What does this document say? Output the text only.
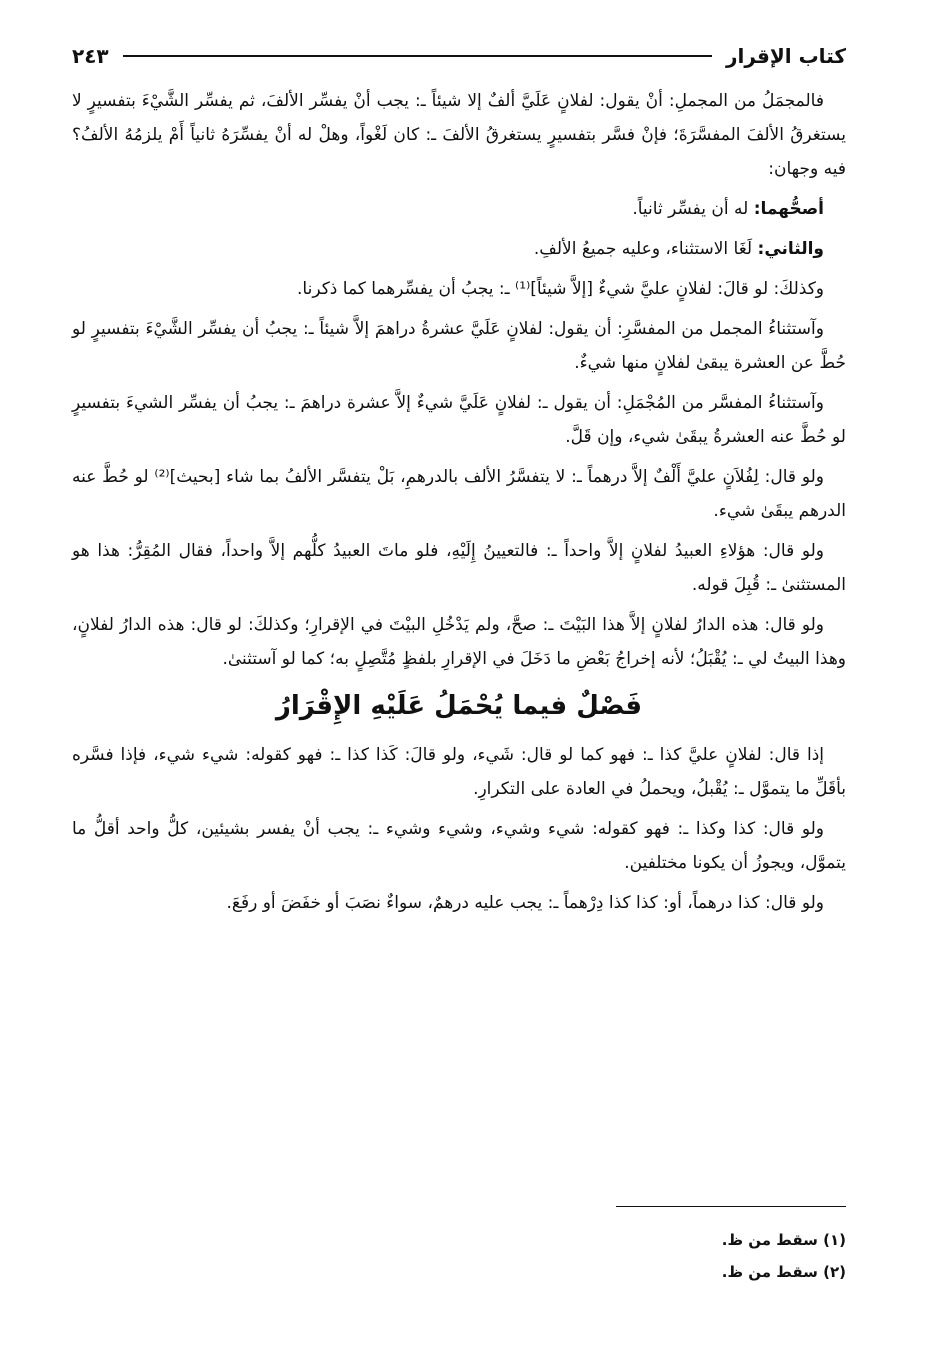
كتاب الإقرار
٢٤٣

فالمجمَلُ من المجملِ: أنْ يقول: لفلانٍ عَلَيَّ ألفٌ إلا شيئاً ـ: يجب أنْ يفسِّر الألفَ، ثم يفسِّر الشَّيْءَ بتفسيرٍ لا يستغرقُ الألفَ المفسَّرَةَ؛ فإنْ فسَّر بتفسيرٍ يستغرقُ الألفَ ـ: كان لَغْواً، وهلْ له أنْ يفسِّرَهُ ثانياً أَمْ يلزمُهُ الألفُ؟ فيه وجهان:

أصحُّهما: له أن يفسِّر ثانياً.

والثاني: لَغَا الاستثناء، وعليه جميعُ الألفِ.

وكذلكَ: لو قالَ: لفلانٍ عليَّ شيءٌ [إلاَّ شيئاً]⁽¹⁾ ـ: يجبُ أن يفسِّرهما كما ذكرنا.

وآستثناءُ المجمل من المفسَّرِ: أن يقول: لفلانٍ عَلَيَّ عشرةُ دراهمَ إلاَّ شيئاً ـ: يجبُ أن يفسِّر الشَّيْءَ بتفسيرٍ لو حُطَّ عن العشرة يبقىٰ لفلانٍ منها شيءٌ.

وآستثناءُ المفسَّر من المُجْمَلِ: أن يقول ـ: لفلانٍ عَلَيَّ شيءٌ إلاَّ عشرة دراهمَ ـ: يجبُ أن يفسِّر الشيءَ بتفسيرٍ لو حُطَّ عنه العشرةُ يبقَىٰ شيء، وإن قَلَّ.

ولو قال: لِفُلاَنٍ عليَّ أَلْفٌ إلاَّ درهماً ـ: لا يتفسَّرُ الألف بالدرهمِ، بَلْ يتفسَّر الألفُ بما شاء [بحيث]⁽²⁾ لو حُطَّ عنه الدرهم يبقَىٰ شيء.

ولو قال: هؤلاءِ العبيدُ لفلانٍ إلاَّ واحداً ـ: فالتعيينُ إِلَيْهِ، فلو ماتَ العبيدُ كلُّهم إلاَّ واحداً، فقال المُقِرُّ: هذا هو المستثنىٰ ـ: قُبِلَ قوله.

ولو قال: هذه الدارُ لفلانٍ إلاَّ هذا البَيْتَ ـ: صحَّ، ولم يَدْخُلِ البيْتَ في الإقرارِ؛ وكذلكَ: لو قال: هذه الدارُ لفلانٍ، وهذا البيتُ لي ـ: يُقْبَلُ؛ لأنه إخراجُ بَعْضِ ما دَخَلَ في الإقرارِ بلفظٍ مُتَّصِلٍ به؛ كما لو آستثنىٰ.

فَصْلٌ فيما يُحْمَلُ عَلَيْهِ الإِقْرَارُ

إذا قال: لفلانٍ عليَّ كذا ـ: فهو كما لو قال: شَيء، ولو قالَ: كَذا كذا ـ: فهو كقوله: شيء شيء، فإذا فسَّره بأقَلِّ ما يتموَّل ـ: يُقْبلُ، ويحملُ في العادة على التكرارِ.

ولو قال: كذا وكذا ـ: فهو كقوله: شيء وشيء، وشيء وشيء ـ: يجب أنْ يفسر بشيئين، كلُّ واحد أقلُّ ما يتموَّل، ويجوزُ أن يكونا مختلفين.

ولو قال: كذا درهماً، أو: كذا كذا دِرْهماً ـ: يجب عليه درهمٌ، سواءٌ نصَبَ أو خفَضَ أو رفَعَ.

(١) سقط من ظ.
(٢) سقط من ظ.
